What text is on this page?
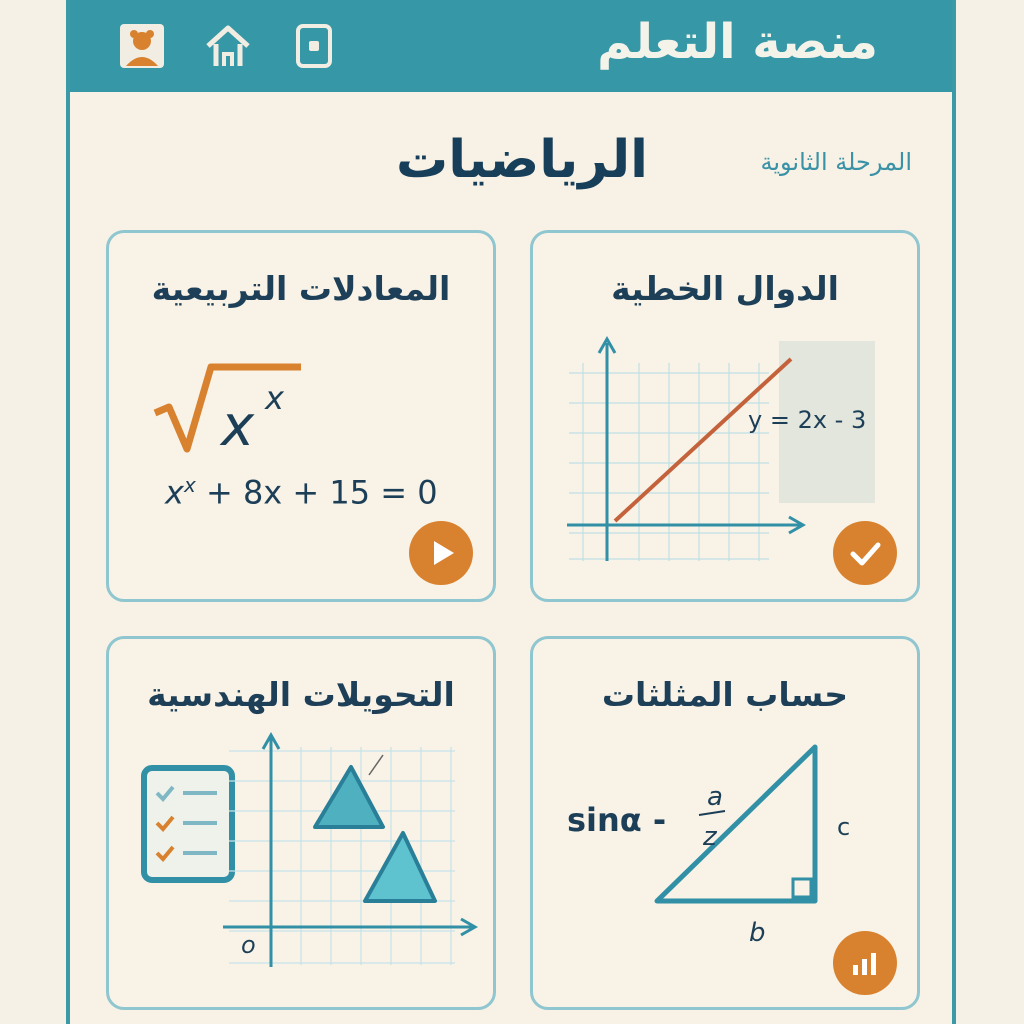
منصة التعلم
الرياضيات	المرحلة الثانوية
الدوال الخطية
y = 2x - 3
المعادلات التربيعية
x x
$x^x + 8x + 15 = 0$
حساب المثلثات
sinα -
a
z	c
b
التحويلات الهندسية
o
